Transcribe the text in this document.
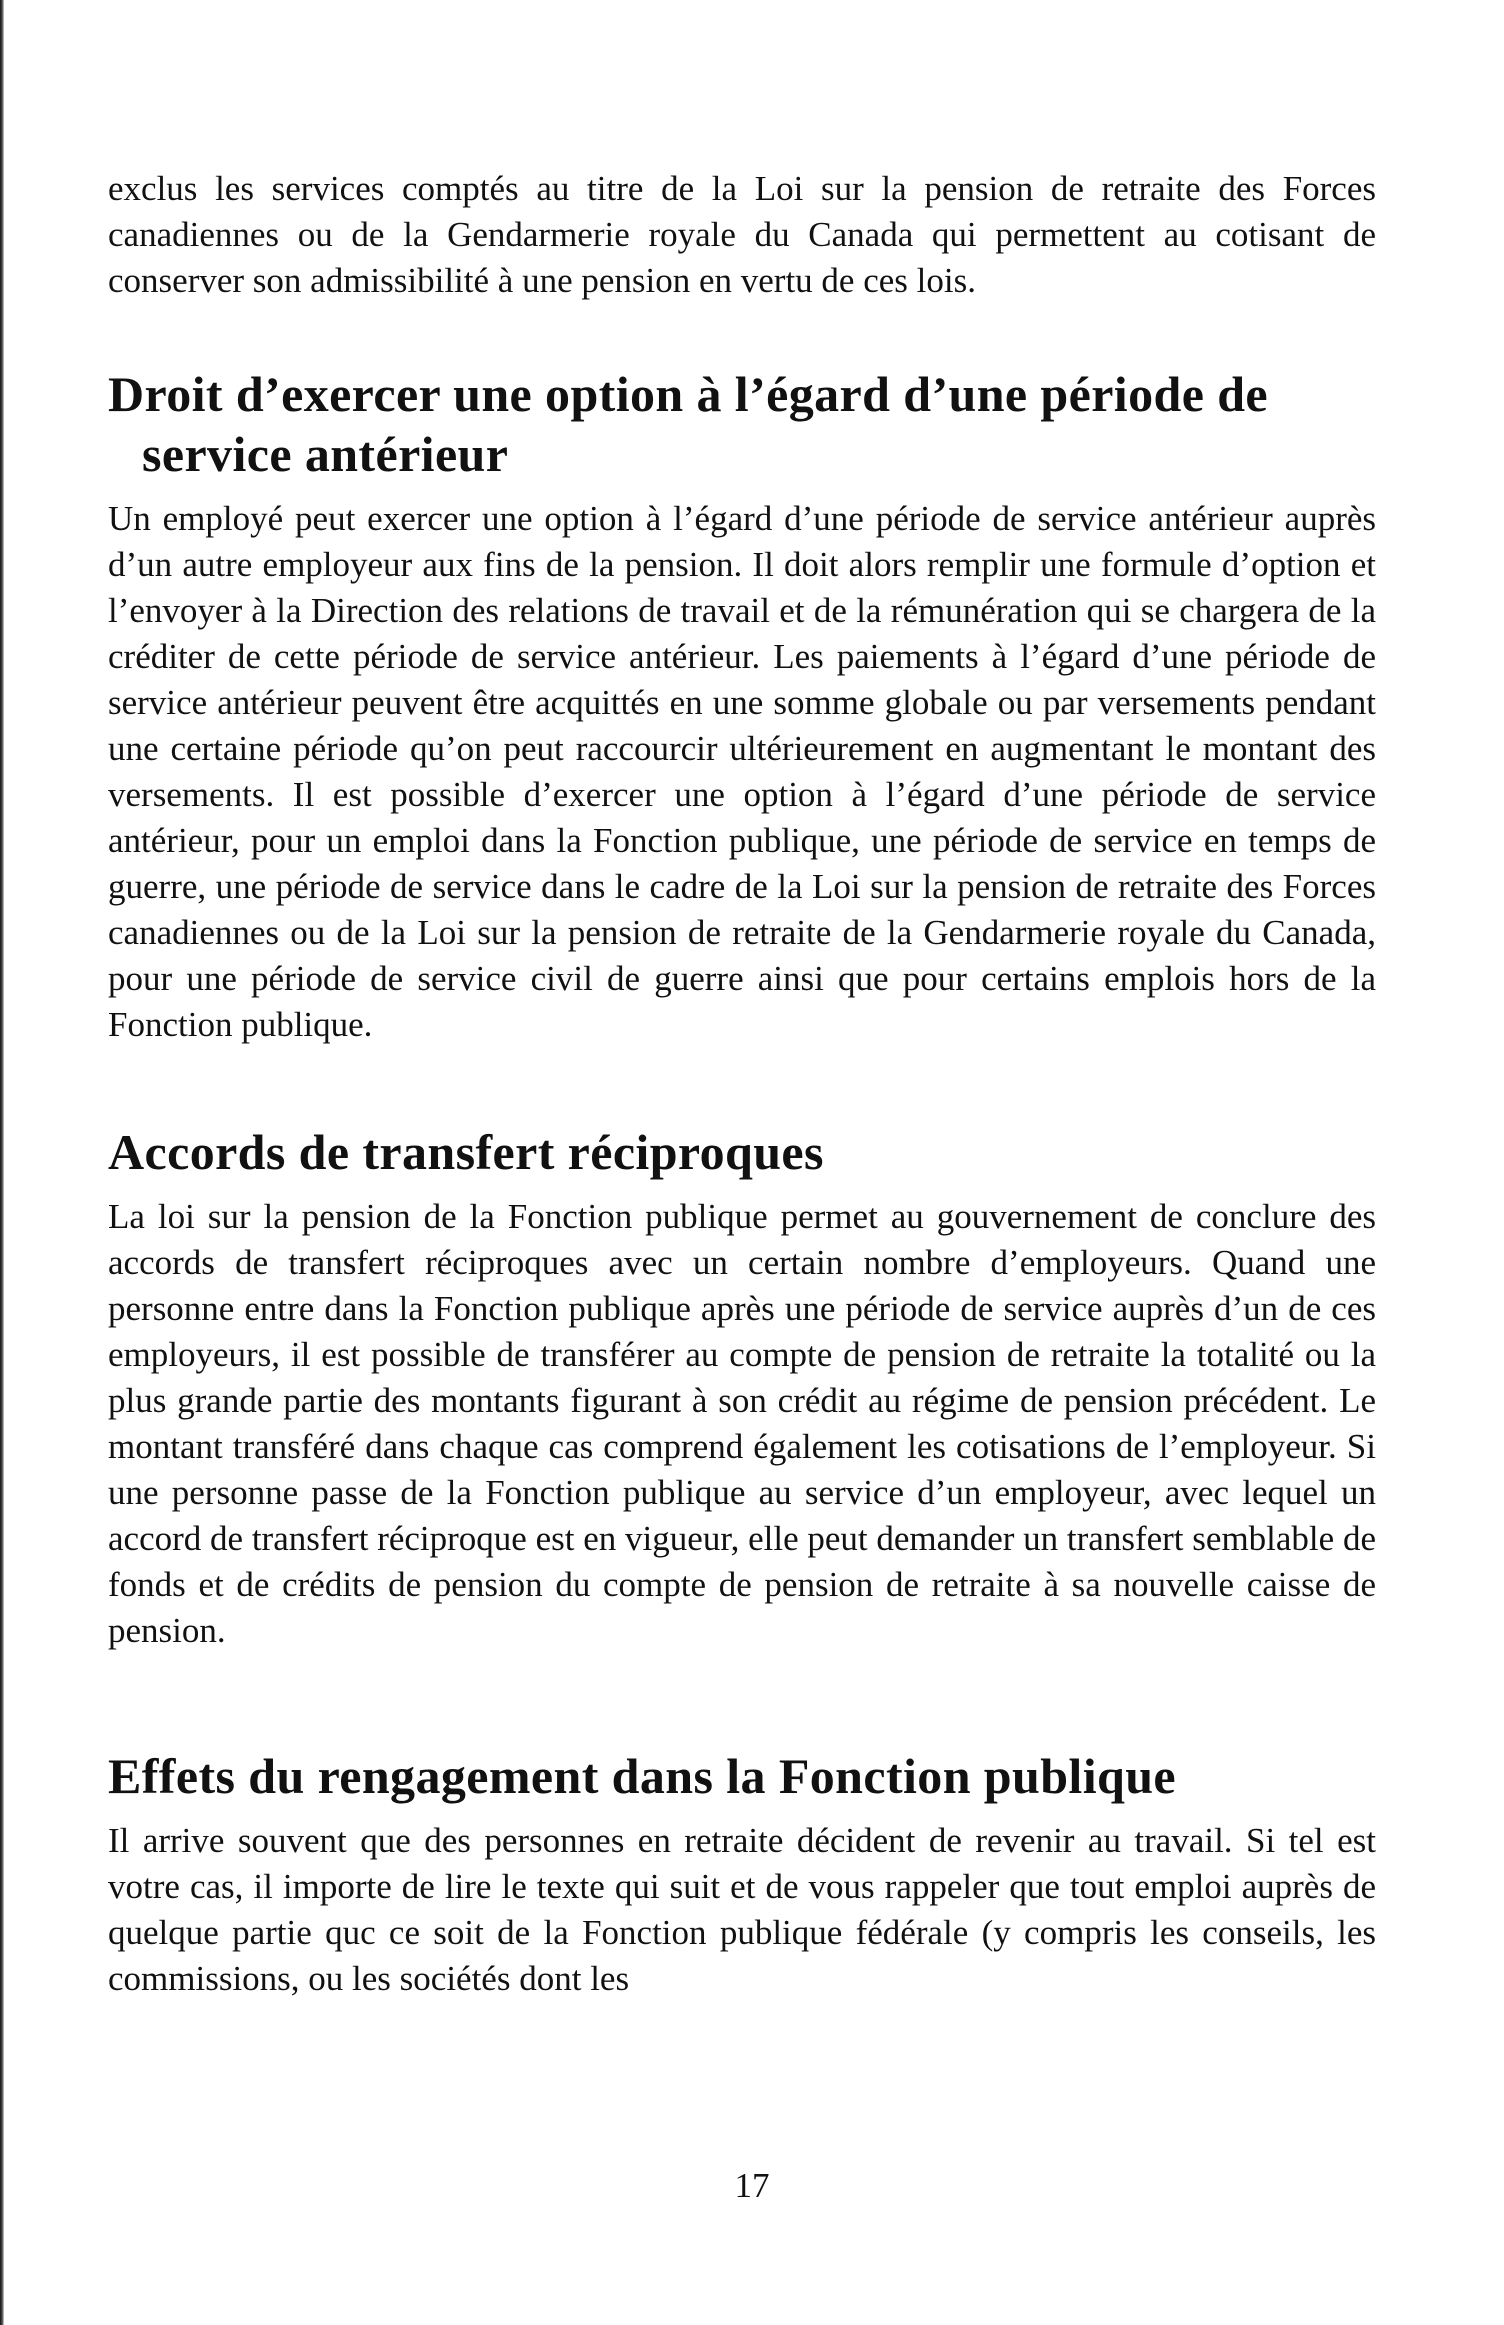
exclus les services comptés au titre de la Loi sur la pension de retraite des Forces canadiennes ou de la Gendarmerie royale du Canada qui permettent au cotisant de conserver son admissibilité à une pension en vertu de ces lois.

Droit d’exercer une option à l’égard d’une période de
service antérieur

Un employé peut exercer une option à l’égard d’une période de service antérieur auprès d’un autre employeur aux fins de la pension. Il doit alors remplir une formule d’option et l’envoyer à la Direction des relations de travail et de la rémunération qui se chargera de la créditer de cette période de service antérieur. Les paiements à l’égard d’une période de service antérieur peuvent être acquittés en une somme globale ou par versements pendant une certaine période qu’on peut raccourcir ultérieurement en augmentant le montant des versements. Il est possible d’exercer une option à l’égard d’une période de service antérieur, pour un emploi dans la Fonction publique, une période de service en temps de guerre, une période de service dans le cadre de la Loi sur la pension de retraite des Forces canadiennes ou de la Loi sur la pension de retraite de la Gendarmerie royale du Canada, pour une période de service civil de guerre ainsi que pour certains emplois hors de la Fonction publique.

Accords de transfert réciproques

La loi sur la pension de la Fonction publique permet au gouvernement de conclure des accords de transfert réciproques avec un certain nombre d’employeurs. Quand une personne entre dans la Fonction publique après une période de service auprès d’un de ces employeurs, il est possible de transférer au compte de pension de retraite la totalité ou la plus grande partie des montants figurant à son crédit au régime de pension précédent. Le montant transféré dans chaque cas comprend également les cotisations de l’employeur. Si une personne passe de la Fonction publique au service d’un employeur, avec lequel un accord de transfert réciproque est en vigueur, elle peut demander un transfert semblable de fonds et de crédits de pension du compte de pension de retraite à sa nouvelle caisse de pension.

Effets du rengagement dans la Fonction publique

Il arrive souvent que des personnes en retraite décident de revenir au travail. Si tel est votre cas, il importe de lire le texte qui suit et de vous rappeler que tout emploi auprès de quelque partie quc ce soit de la Fonction publique fédérale (y compris les conseils, les commissions, ou les sociétés dont les

17
